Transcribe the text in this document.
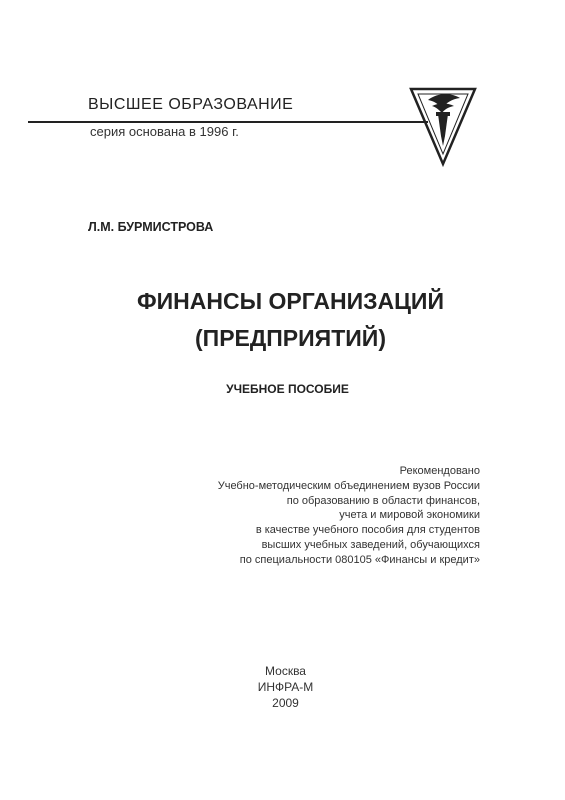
ВЫСШЕЕ ОБРАЗОВАНИЕ
серия основана в 1996 г.
Л.М. БУРМИСТРОВА
ФИНАНСЫ ОРГАНИЗАЦИЙ
(ПРЕДПРИЯТИЙ)
УЧЕБНОЕ ПОСОБИЕ
Рекомендовано
Учебно-методическим объединением вузов России
по образованию в области финансов,
учета и мировой экономики
в качестве учебного пособия для студентов
высших учебных заведений, обучающихся
по специальности 080105 «Финансы и кредит»
Москва
ИНФРА-М
2009
